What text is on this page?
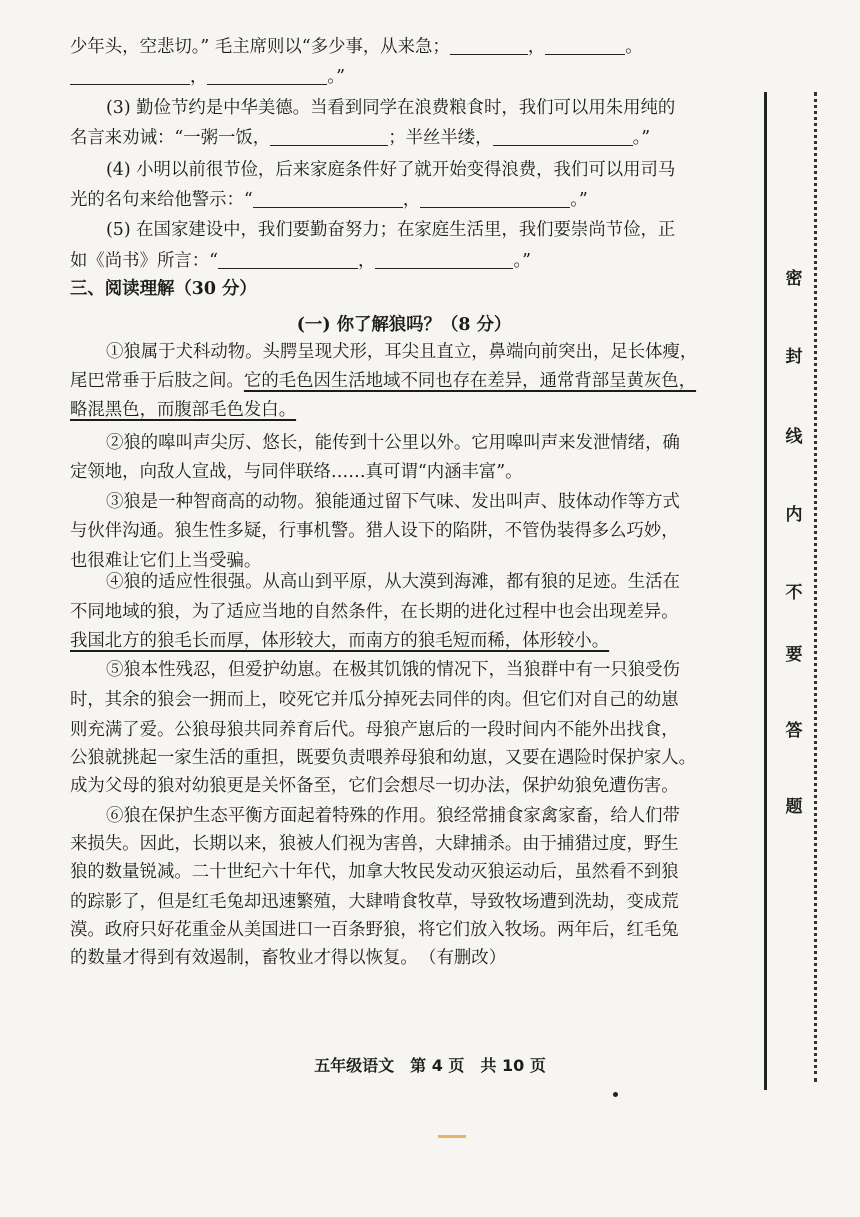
少年头，空悲切。” 毛主席则以“多少事，从来急；	，	。
，	。”
(3) 勤俭节约是中华美德。当看到同学在浪费粮食时，我们可以用朱用纯的
名言来劝诫：“一粥一饭，	；半丝半缕，	。”
(4) 小明以前很节俭，后来家庭条件好了就开始变得浪费，我们可以用司马
光的名句来给他警示：“	，	。”
(5) 在国家建设中，我们要勤奋努力；在家庭生活里，我们要崇尚节俭，正
如《尚书》所言：“	，	。”
三、阅读理解（30 分）
(一) 你了解狼吗？（8 分）
①狼属于犬科动物。头腭呈现犬形，耳尖且直立，鼻端向前突出，足长体瘦，
尾巴常垂于后肢之间。它的毛色因生活地域不同也存在差异，通常背部呈黄灰色，
略混黑色，而腹部毛色发白。
②狼的嗥叫声尖厉、悠长，能传到十公里以外。它用嗥叫声来发泄情绪，确
定领地，向敌人宣战，与同伴联络……真可谓“内涵丰富”。
③狼是一种智商高的动物。狼能通过留下气味、发出叫声、肢体动作等方式
与伙伴沟通。狼生性多疑，行事机警。猎人设下的陷阱，不管伪装得多么巧妙，
也很难让它们上当受骗。
④狼的适应性很强。从高山到平原，从大漠到海滩，都有狼的足迹。生活在
不同地域的狼，为了适应当地的自然条件，在长期的进化过程中也会出现差异。
我国北方的狼毛长而厚，体形较大，而南方的狼毛短而稀，体形较小。
⑤狼本性残忍，但爱护幼崽。在极其饥饿的情况下，当狼群中有一只狼受伤
时，其余的狼会一拥而上，咬死它并瓜分掉死去同伴的肉。但它们对自己的幼崽
则充满了爱。公狼母狼共同养育后代。母狼产崽后的一段时间内不能外出找食，
公狼就挑起一家生活的重担，既要负责喂养母狼和幼崽，又要在遇险时保护家人。
成为父母的狼对幼狼更是关怀备至，它们会想尽一切办法，保护幼狼免遭伤害。
⑥狼在保护生态平衡方面起着特殊的作用。狼经常捕食家禽家畜，给人们带
来损失。因此，长期以来，狼被人们视为害兽，大肆捕杀。由于捕猎过度，野生
狼的数量锐减。二十世纪六十年代，加拿大牧民发动灭狼运动后，虽然看不到狼
的踪影了，但是红毛兔却迅速繁殖，大肆啃食牧草，导致牧场遭到洗劫，变成荒
漠。政府只好花重金从美国进口一百条野狼，将它们放入牧场。两年后，红毛兔
的数量才得到有效遏制，畜牧业才得以恢复。 （有删改）
密
封
线
内
不
要
答
题
五年级语文　第 4 页　共 10 页
